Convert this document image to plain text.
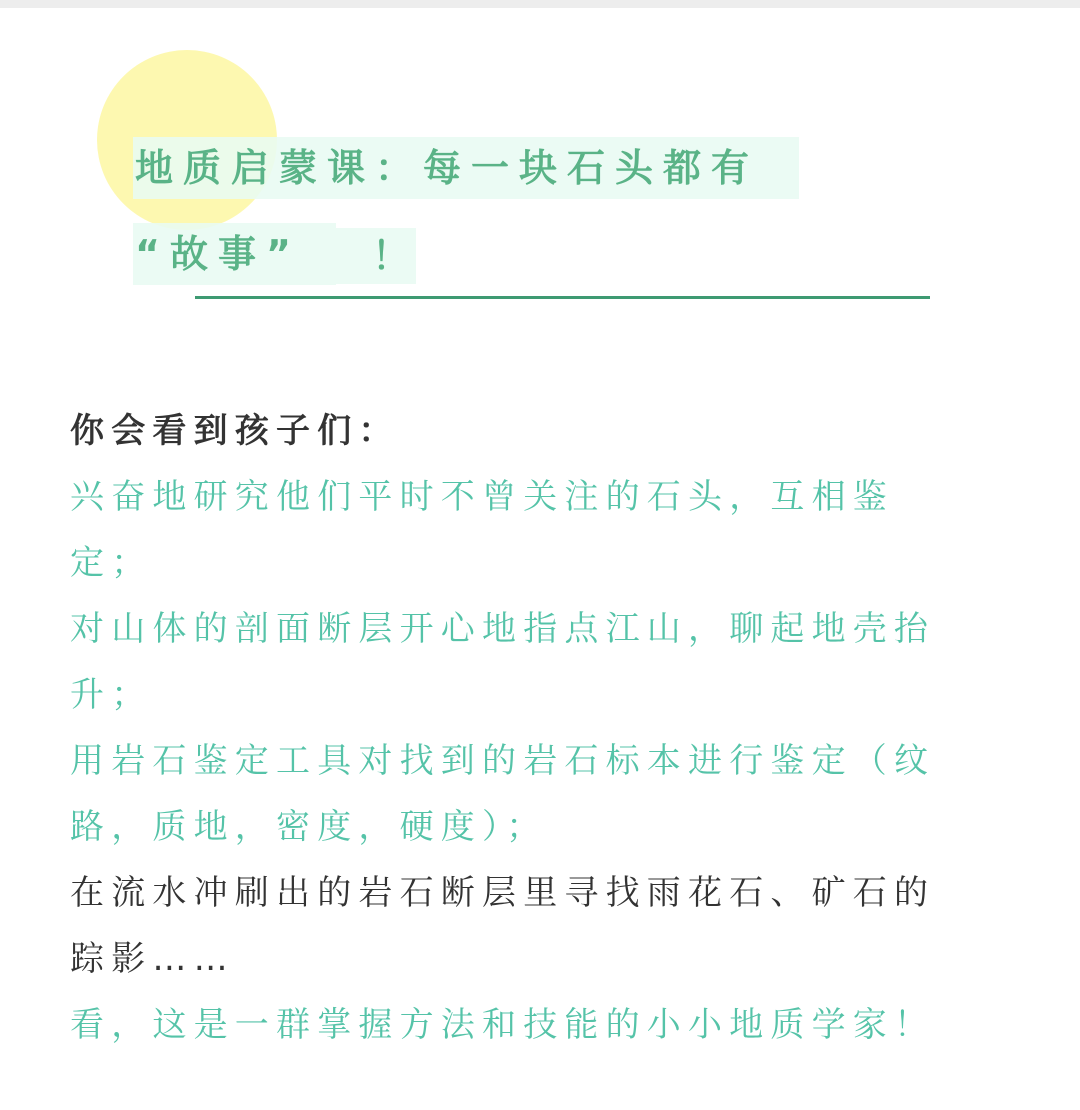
地质启蒙课：每一块石头都有
“故事”	！

你会看到孩子们：

兴奋地研究他们平时不曾关注的石头，互相鉴

定；

对山体的剖面断层开心地指点江山，聊起地壳抬

升；

用岩石鉴定工具对找到的岩石标本进行鉴定（纹

路，质地，密度，硬度）；

在流水冲刷出的岩石断层里寻找雨花石、矿石的

踪影……

看，这是一群掌握方法和技能的小小地质学家！
